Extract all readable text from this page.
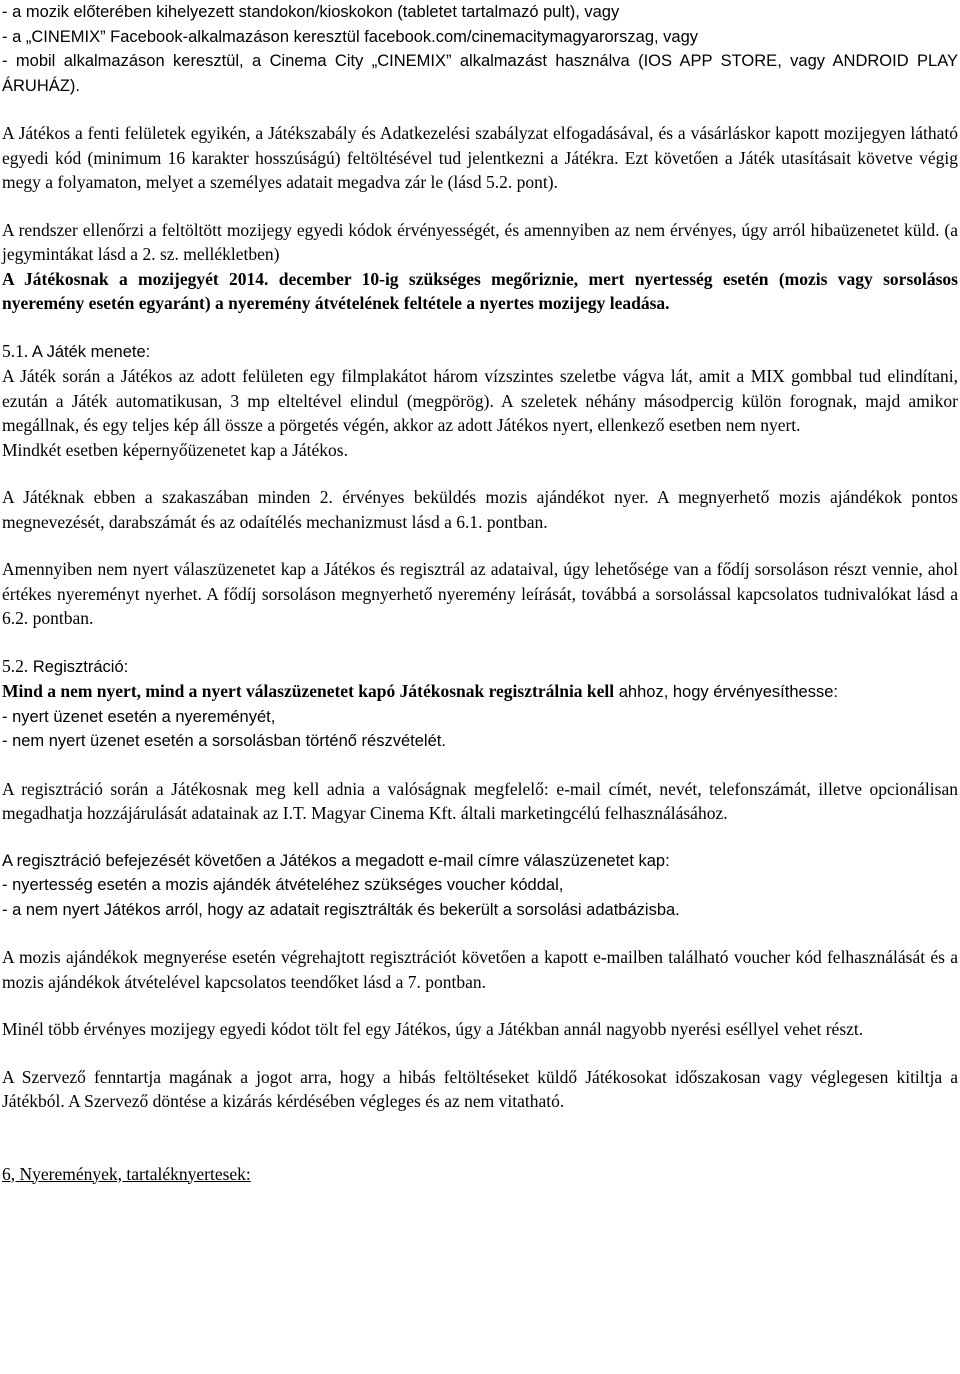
- a mozik előterében kihelyezett standokon/kioskokon (tabletet tartalmazó pult), vagy

- a „CINEMIX” Facebook-alkalmazáson keresztül facebook.com/cinemacitymagyarorszag, vagy

- mobil alkalmazáson keresztül, a Cinema City „CINEMIX” alkalmazást használva (IOS APP STORE, vagy ANDROID PLAY ÁRUHÁZ).

A Játékos a fenti felületek egyikén, a Játékszabály és Adatkezelési szabályzat elfogadásával, és a vásárláskor kapott mozijegyen látható egyedi kód (minimum 16 karakter hosszúságú) feltöltésével tud jelentkezni a Játékra. Ezt követően a Játék utasításait követve végig megy a folyamaton, melyet a személyes adatait megadva zár le (lásd 5.2. pont).

A rendszer ellenőrzi a feltöltött mozijegy egyedi kódok érvényességét, és amennyiben az nem érvényes, úgy arról hibaüzenetet küld. (a jegymintákat lásd a 2. sz. mellékletben)

A Játékosnak a mozijegyét 2014. december 10-ig szükséges megőriznie, mert nyertesség esetén (mozis vagy sorsolásos nyeremény esetén egyaránt) a nyeremény átvételének feltétele a nyertes mozijegy leadása.

5.1. A Játék menete:

A Játék során a Játékos az adott felületen egy filmplakátot három vízszintes szeletbe vágva lát, amit a MIX gombbal tud elindítani, ezután a Játék automatikusan, 3 mp elteltével elindul (megpörög). A szeletek néhány másodpercig külön forognak, majd amikor megállnak, és egy teljes kép áll össze a pörgetés végén, akkor az adott Játékos nyert, ellenkező esetben nem nyert.

Mindkét esetben képernyőüzenetet kap a Játékos.

A Játéknak ebben a szakaszában minden 2. érvényes beküldés mozis ajándékot nyer. A megnyerhető mozis ajándékok pontos megnevezését, darabszámát és az odaítélés mechanizmust lásd a 6.1. pontban.

Amennyiben nem nyert válaszüzenetet kap a Játékos és regisztrál az adataival, úgy lehetősége van a fődíj sorsoláson részt vennie, ahol értékes nyereményt nyerhet. A fődíj sorsoláson megnyerhető nyeremény leírását, továbbá a sorsolással kapcsolatos tudnivalókat lásd a 6.2. pontban.

5.2. Regisztráció:

Mind a nem nyert, mind a nyert válaszüzenetet kapó Játékosnak regisztrálnia kell ahhoz, hogy érvényesíthesse:

- nyert üzenet esetén a nyereményét,

- nem nyert üzenet esetén a sorsolásban történő részvételét.

A regisztráció során a Játékosnak meg kell adnia a valóságnak megfelelő: e-mail címét, nevét, telefonszámát, illetve opcionálisan megadhatja hozzájárulását adatainak az I.T. Magyar Cinema Kft. általi marketingcélú felhasználásához.

A regisztráció befejezését követően a Játékos a megadott e-mail címre válaszüzenetet kap:

- nyertesség esetén a mozis ajándék átvételéhez szükséges voucher kóddal,

- a nem nyert Játékos arról, hogy az adatait regisztrálták és bekerült a sorsolási adatbázisba.

A mozis ajándékok megnyerése esetén végrehajtott regisztrációt követően a kapott e-mailben található voucher kód felhasználását és a mozis ajándékok átvételével kapcsolatos teendőket lásd a 7. pontban.

Minél több érvényes mozijegy egyedi kódot tölt fel egy Játékos, úgy a Játékban annál nagyobb nyerési eséllyel vehet részt.

A Szervező fenntartja magának a jogot arra, hogy a hibás feltöltéseket küldő Játékosokat időszakosan vagy véglegesen kitiltja a Játékból. A Szervező döntése a kizárás kérdésében végleges és az nem vitatható.

6, Nyeremények, tartaléknyertesek:
